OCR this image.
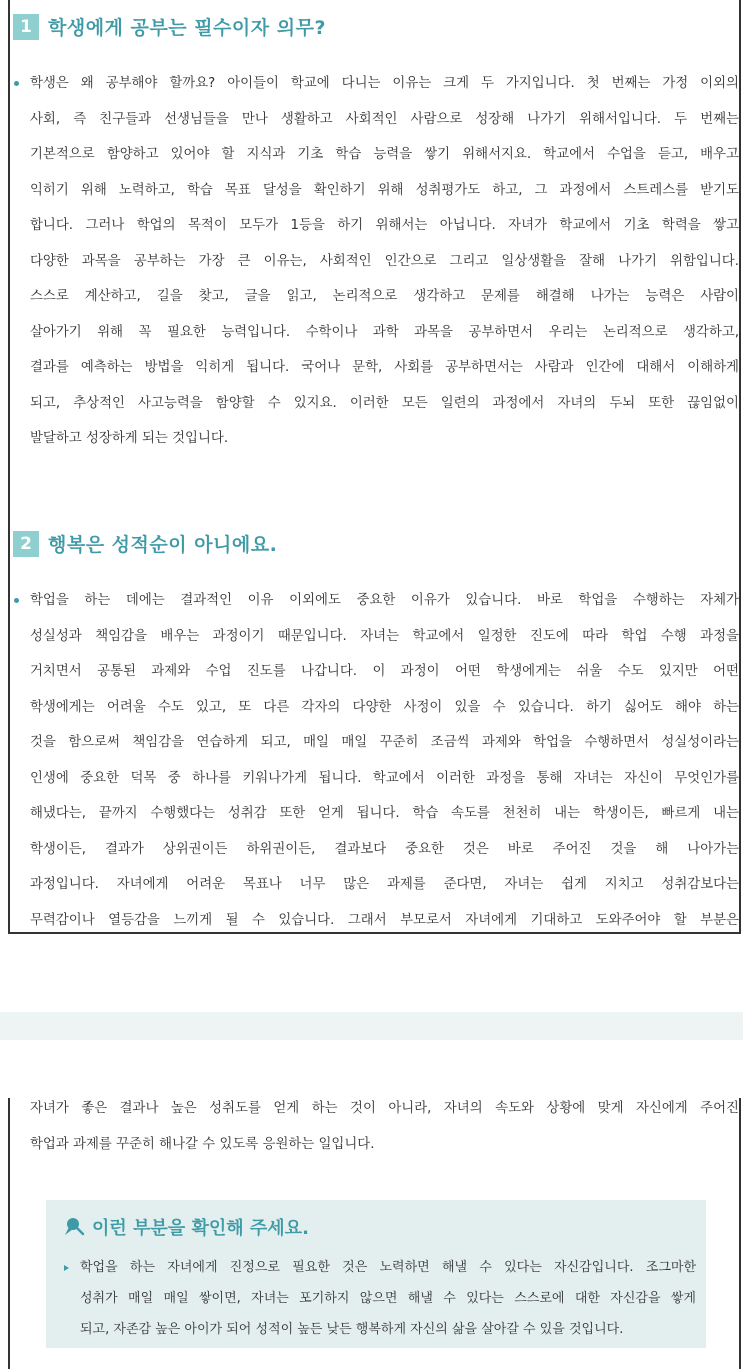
1 학생에게 공부는 필수이자 의무?
학생은 왜 공부해야 할까요? 아이들이 학교에 다니는 이유는 크게 두 가지입니다. 첫 번째는 가정 이외의
사회, 즉 친구들과 선생님들을 만나 생활하고 사회적인 사람으로 성장해 나가기 위해서입니다. 두 번째는
기본적으로 함양하고 있어야 할 지식과 기초 학습 능력을 쌓기 위해서지요. 학교에서 수업을 듣고, 배우고
익히기 위해 노력하고, 학습 목표 달성을 확인하기 위해 성취평가도 하고, 그 과정에서 스트레스를 받기도
합니다. 그러나 학업의 목적이 모두가 1등을 하기 위해서는 아닙니다. 자녀가 학교에서 기초 학력을 쌓고
다양한 과목을 공부하는 가장 큰 이유는, 사회적인 인간으로 그리고 일상생활을 잘해 나가기 위함입니다.
스스로 계산하고, 길을 찾고, 글을 읽고, 논리적으로 생각하고 문제를 해결해 나가는 능력은 사람이
살아가기 위해 꼭 필요한 능력입니다. 수학이나 과학 과목을 공부하면서 우리는 논리적으로 생각하고,
결과를 예측하는 방법을 익히게 됩니다. 국어나 문학, 사회를 공부하면서는 사람과 인간에 대해서 이해하게
되고, 추상적인 사고능력을 함양할 수 있지요. 이러한 모든 일련의 과정에서 자녀의 두뇌 또한 끊임없이
발달하고 성장하게 되는 것입니다.
2 행복은 성적순이 아니에요.
학업을 하는 데에는 결과적인 이유 이외에도 중요한 이유가 있습니다. 바로 학업을 수행하는 자체가
성실성과 책임감을 배우는 과정이기 때문입니다. 자녀는 학교에서 일정한 진도에 따라 학업 수행 과정을
거치면서 공통된 과제와 수업 진도를 나갑니다. 이 과정이 어떤 학생에게는 쉬울 수도 있지만 어떤
학생에게는 어려울 수도 있고, 또 다른 각자의 다양한 사정이 있을 수 있습니다. 하기 싫어도 해야 하는
것을 함으로써 책임감을 연습하게 되고, 매일 매일 꾸준히 조금씩 과제와 학업을 수행하면서 성실성이라는
인생에 중요한 덕목 중 하나를 키워나가게 됩니다. 학교에서 이러한 과정을 통해 자녀는 자신이 무엇인가를
해냈다는, 끝까지 수행했다는 성취감 또한 얻게 됩니다. 학습 속도를 천천히 내는 학생이든, 빠르게 내는
학생이든, 결과가 상위권이든 하위권이든, 결과보다 중요한 것은 바로 주어진 것을 해 나아가는
과정입니다. 자녀에게 어려운 목표나 너무 많은 과제를 준다면, 자녀는 쉽게 지치고 성취감보다는
무력감이나 열등감을 느끼게 될 수 있습니다. 그래서 부모로서 자녀에게 기대하고 도와주어야 할 부분은
자녀가 좋은 결과나 높은 성취도를 얻게 하는 것이 아니라, 자녀의 속도와 상황에 맞게 자신에게 주어진
학업과 과제를 꾸준히 해나갈 수 있도록 응원하는 일입니다.
이런 부분을 확인해 주세요.
학업을 하는 자녀에게 진정으로 필요한 것은 노력하면 해낼 수 있다는 자신감입니다. 조그마한
성취가 매일 매일 쌓이면, 자녀는 포기하지 않으면 해낼 수 있다는 스스로에 대한 자신감을 쌓게
되고, 자존감 높은 아이가 되어 성적이 높든 낮든 행복하게 자신의 삶을 살아갈 수 있을 것입니다.
